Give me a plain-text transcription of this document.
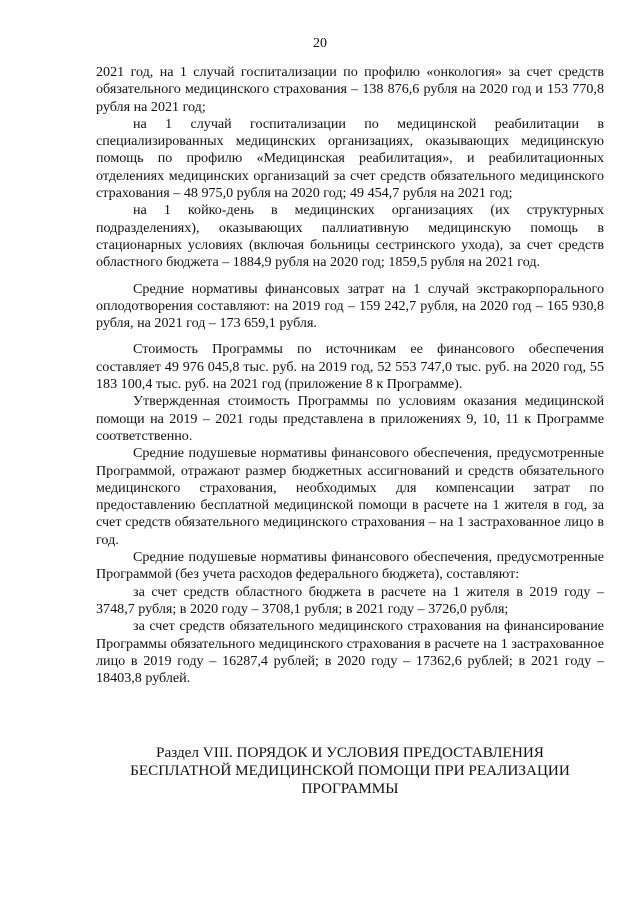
20

2021 год, на 1 случай госпитализации по профилю «онкология» за счет средств обязательного медицинского страхования – 138 876,6 рубля на 2020 год и 153 770,8 рубля на 2021 год;

на 1 случай госпитализации по медицинской реабилитации в специализированных медицинских организациях, оказывающих медицинскую помощь по профилю «Медицинская реабилитация», и реабилитационных отделениях медицинских организаций за счет средств обязательного медицинского страхования – 48 975,0 рубля на 2020 год; 49 454,7 рубля на 2021 год;

на 1 койко-день в медицинских организациях (их структурных подразделениях), оказывающих паллиативную медицинскую помощь в стационарных условиях (включая больницы сестринского ухода), за счет средств областного бюджета – 1884,9 рубля на 2020 год; 1859,5 рубля на 2021 год.

Средние нормативы финансовых затрат на 1 случай экстракорпорального оплодотворения составляют: на 2019 год – 159 242,7 рубля, на 2020 год – 165 930,8 рубля, на 2021 год – 173 659,1 рубля.

Стоимость Программы по источникам ее финансового обеспечения составляет 49 976 045,8 тыс. руб. на 2019 год, 52 553 747,0 тыс. руб. на 2020 год, 55 183 100,4 тыс. руб. на 2021 год (приложение 8 к Программе).

Утвержденная стоимость Программы по условиям оказания медицинской помощи на 2019 – 2021 годы представлена в приложениях 9, 10, 11 к Программе соответственно.

Средние подушевые нормативы финансового обеспечения, предусмотренные Программой, отражают размер бюджетных ассигнований и средств обязательного медицинского страхования, необходимых для компенсации затрат по предоставлению бесплатной медицинской помощи в расчете на 1 жителя в год, за счет средств обязательного медицинского страхования – на 1 застрахованное лицо в год.

Средние подушевые нормативы финансового обеспечения, предусмотренные Программой (без учета расходов федерального бюджета), составляют:

за счет средств областного бюджета в расчете на 1 жителя в 2019 году – 3748,7 рубля; в 2020 году – 3708,1 рубля; в 2021 году – 3726,0 рубля;

за счет средств обязательного медицинского страхования на финансирование Программы обязательного медицинского страхования в расчете на 1 застрахованное лицо в 2019 году – 16287,4 рублей; в 2020 году – 17362,6 рублей; в 2021 году – 18403,8 рублей.

Раздел VIII. ПОРЯДОК И УСЛОВИЯ ПРЕДОСТАВЛЕНИЯ
БЕСПЛАТНОЙ МЕДИЦИНСКОЙ ПОМОЩИ ПРИ РЕАЛИЗАЦИИ
ПРОГРАММЫ
